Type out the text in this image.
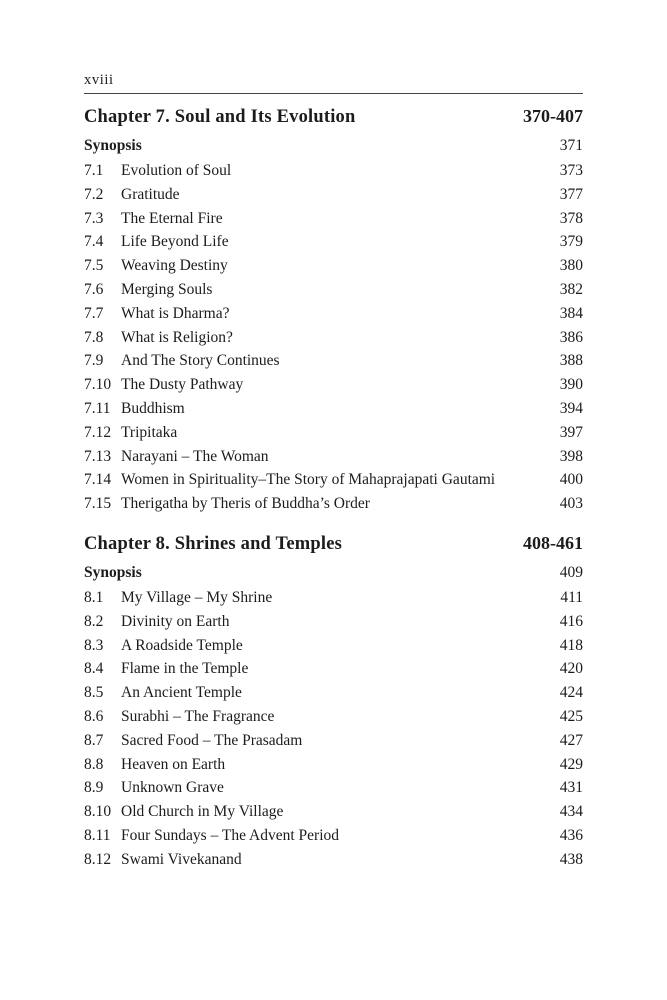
xviii
Chapter 7. Soul and Its Evolution	370-407
Synopsis	371
7.1	Evolution of Soul	373
7.2	Gratitude	377
7.3	The Eternal Fire	378
7.4	Life Beyond Life	379
7.5	Weaving Destiny	380
7.6	Merging Souls	382
7.7	What is Dharma?	384
7.8	What is Religion?	386
7.9	And The Story Continues	388
7.10 The Dusty Pathway	390
7.11 Buddhism	394
7.12 Tripitaka	397
7.13 Narayani – The Woman	398
7.14 Women in Spirituality–The Story of Mahaprajapati Gautami	400
7.15 Therigatha by Theris of Buddha’s Order	403
Chapter 8. Shrines and Temples	408-461
Synopsis	409
8.1	My Village – My Shrine	411
8.2	Divinity on Earth	416
8.3	A Roadside Temple	418
8.4	Flame in the Temple	420
8.5	An Ancient Temple	424
8.6	Surabhi – The Fragrance	425
8.7	Sacred Food – The Prasadam	427
8.8	Heaven on Earth	429
8.9	Unknown Grave	431
8.10 Old Church in My Village	434
8.11 Four Sundays – The Advent Period	436
8.12 Swami Vivekanand	438
